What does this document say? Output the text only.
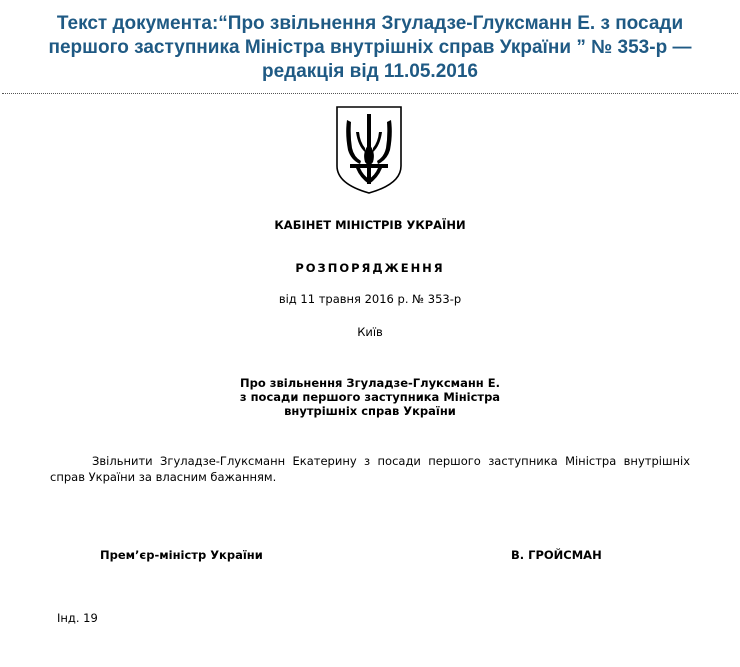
Текст документа:“Про звільнення Згуладзе-Глуксманн Е. з посади
першого заступника Міністра внутрішніх справ України ” № 353-р —
редакція від 11.05.2016
КАБІНЕТ МІНІСТРІВ УКРАЇНИ
РОЗПОРЯДЖЕННЯ
від 11 травня 2016 р. № 353-р
Київ
Про звільнення Згуладзе-Глуксманн Е.
з посади першого заступника Міністра
внутрішніх справ України
Звільнити Згуладзе-Глуксманн Екатерину з посади першого заступника Міністра внутрішніх справ України за власним бажанням.
Прем’єр-міністр України	В. ГРОЙСМАН
Інд. 19
